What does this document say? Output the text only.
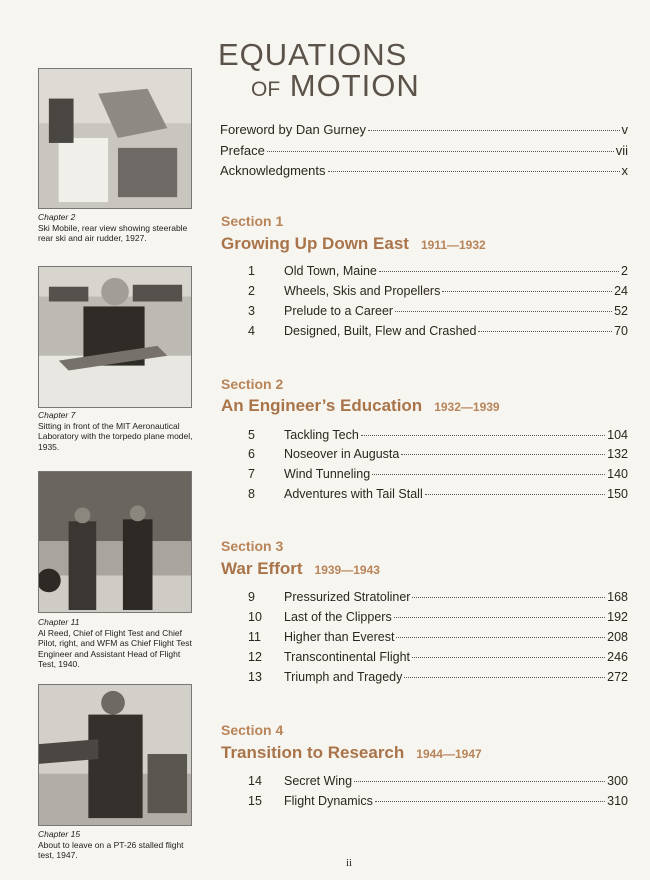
EQUATIONS
OF MOTION
Chapter 2
Ski Mobile, rear view showing steerable rear ski and air rudder, 1927.
Chapter 7
Sitting in front of the MIT Aeronautical Laboratory with the torpedo plane model, 1935.
Chapter 11
Al Reed, Chief of Flight Test and Chief Pilot, right, and WFM as Chief Flight Test Engineer and Assistant Head of Flight Test, 1940.
Chapter 15
About to leave on a PT-26 stalled flight test, 1947.
Foreword by Dan Gurney	v
Preface	vii
Acknowledgments	x
Section 1
Growing Up Down East 1911—1932
1	Old Town, Maine	2
2	Wheels, Skis and Propellers	24
3	Prelude to a Career	52
4	Designed, Built, Flew and Crashed	70
Section 2
An Engineer’s Education 1932—1939
5	Tackling Tech	104
6	Noseover in Augusta	132
7	Wind Tunneling	140
8	Adventures with Tail Stall	150
Section 3
War Effort 1939—1943
9	Pressurized Stratoliner	168
10	Last of the Clippers	192
11	Higher than Everest	208
12	Transcontinental Flight	246
13	Triumph and Tragedy	272
Section 4
Transition to Research 1944—1947
14	Secret Wing	300
15	Flight Dynamics	310
ii
